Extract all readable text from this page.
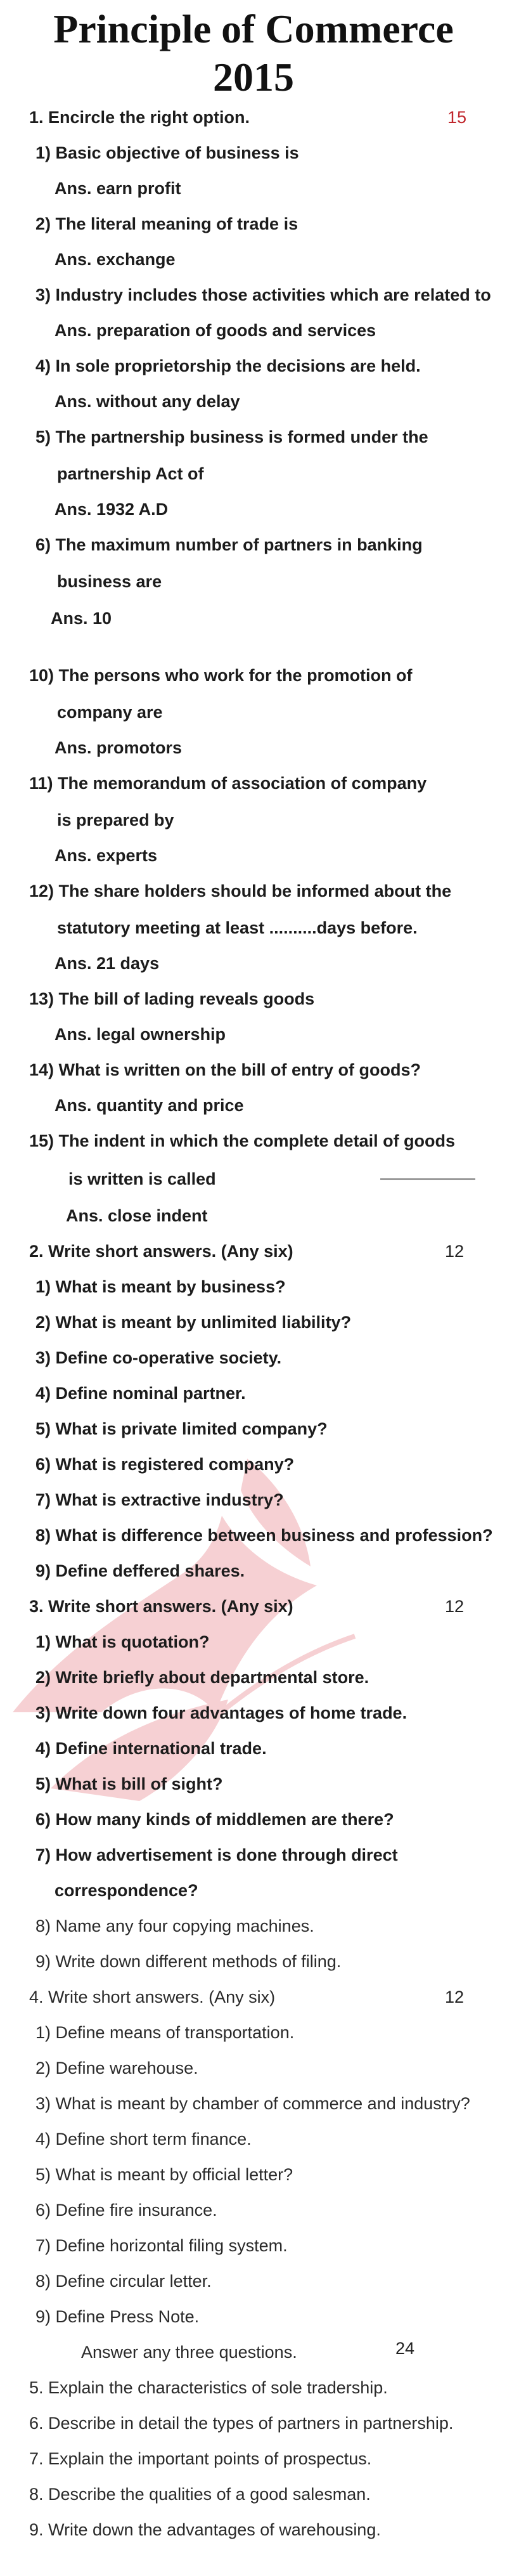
Principle of Commerce
2015
1. Encircle the right option.	15
1) Basic objective of business is
Ans. earn profit
2) The literal meaning of trade is
Ans. exchange
3) Industry includes those activities which are related to
Ans. preparation of goods and services
4) In sole proprietorship the decisions are held.
Ans. without any delay
5) The partnership business is formed under the
partnership Act of
Ans. 1932 A.D
6) The maximum number of partners in banking
business are
Ans. 10
10) The persons who work for the promotion of
company are
Ans. promotors
11) The memorandum of association of company
is prepared by
Ans. experts
12) The share holders should be informed about the
statutory meeting at least ..........days before.
Ans. 21 days
13) The bill of lading reveals goods
Ans. legal ownership
14) What is written on the bill of entry of goods?
Ans. quantity and price
15) The indent in which the complete detail of goods
is written is called
Ans. close indent
2. Write short answers. (Any six)	12
1) What is meant by business?
2) What is meant by unlimited liability?
3) Define co-operative society.
4) Define nominal partner.
5) What is private limited company?
6) What is registered company?
7) What is extractive industry?
8) What is difference between business and profession?
9) Define deffered shares.
3. Write short answers. (Any six)	12
1) What is quotation?
2) Write briefly about departmental store.
3) Write down four advantages of home trade.
4) Define international trade.
5) What is bill of sight?
6) How many kinds of middlemen are there?
7) How advertisement is done through direct
correspondence?
8) Name any four copying machines.
9) Write down different methods of filing.
4. Write short answers. (Any six)	12
1) Define means of transportation.
2) Define warehouse.
3) What is meant by chamber of commerce and industry?
4) Define short term finance.
5) What is meant by official letter?
6) Define fire insurance.
7) Define horizontal filing system.
8) Define circular letter.
9) Define Press Note.
Answer any three questions.	24
5. Explain the characteristics of sole tradership.
6. Describe in detail the types of partners in partnership.
7. Explain the important points of prospectus.
8. Describe the qualities of a good salesman.
9. Write down the advantages of warehousing.
